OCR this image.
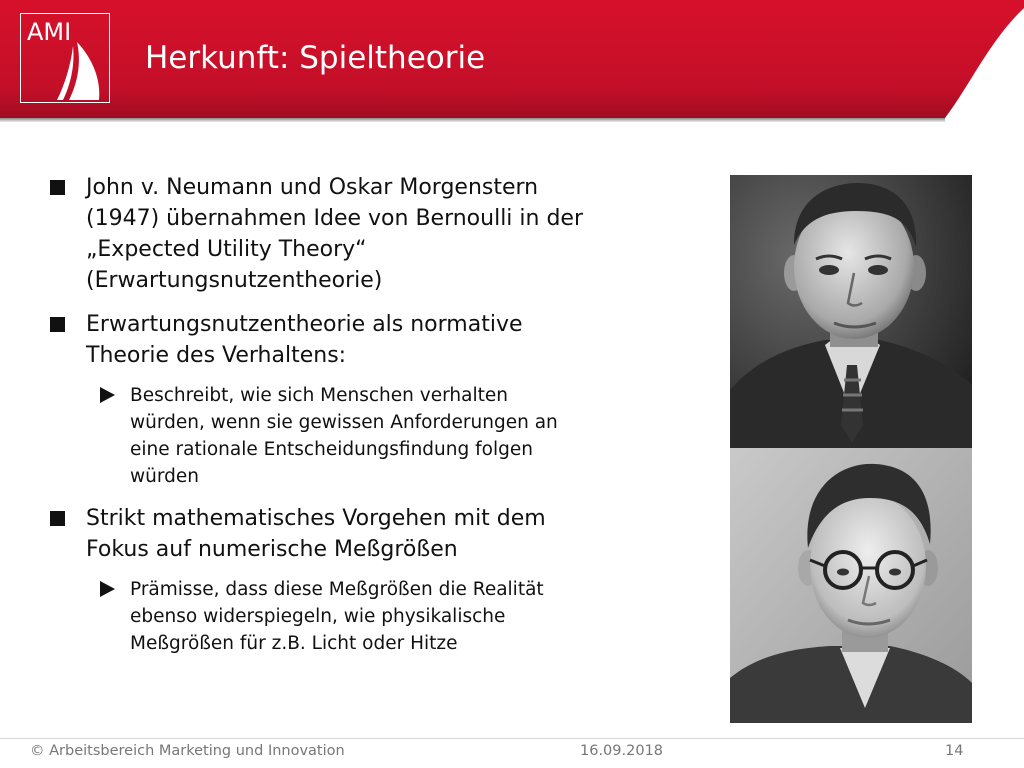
AMI
Herkunft: Spieltheorie
John v. Neumann und Oskar Morgenstern
(1947) übernahmen Idee von Bernoulli in der
„Expected Utility Theory“
(Erwartungsnutzentheorie)
Erwartungsnutzentheorie als normative
Theorie des Verhaltens:
Beschreibt, wie sich Menschen verhalten
würden, wenn sie gewissen Anforderungen an
eine rationale Entscheidungsfindung folgen
würden
Strikt mathematisches Vorgehen mit dem
Fokus auf numerische Meßgrößen
Prämisse, dass diese Meßgrößen die Realität
ebenso widerspiegeln, wie physikalische
Meßgrößen für z.B. Licht oder Hitze
© Arbeitsbereich Marketing und Innovation	16.09.2018	14
